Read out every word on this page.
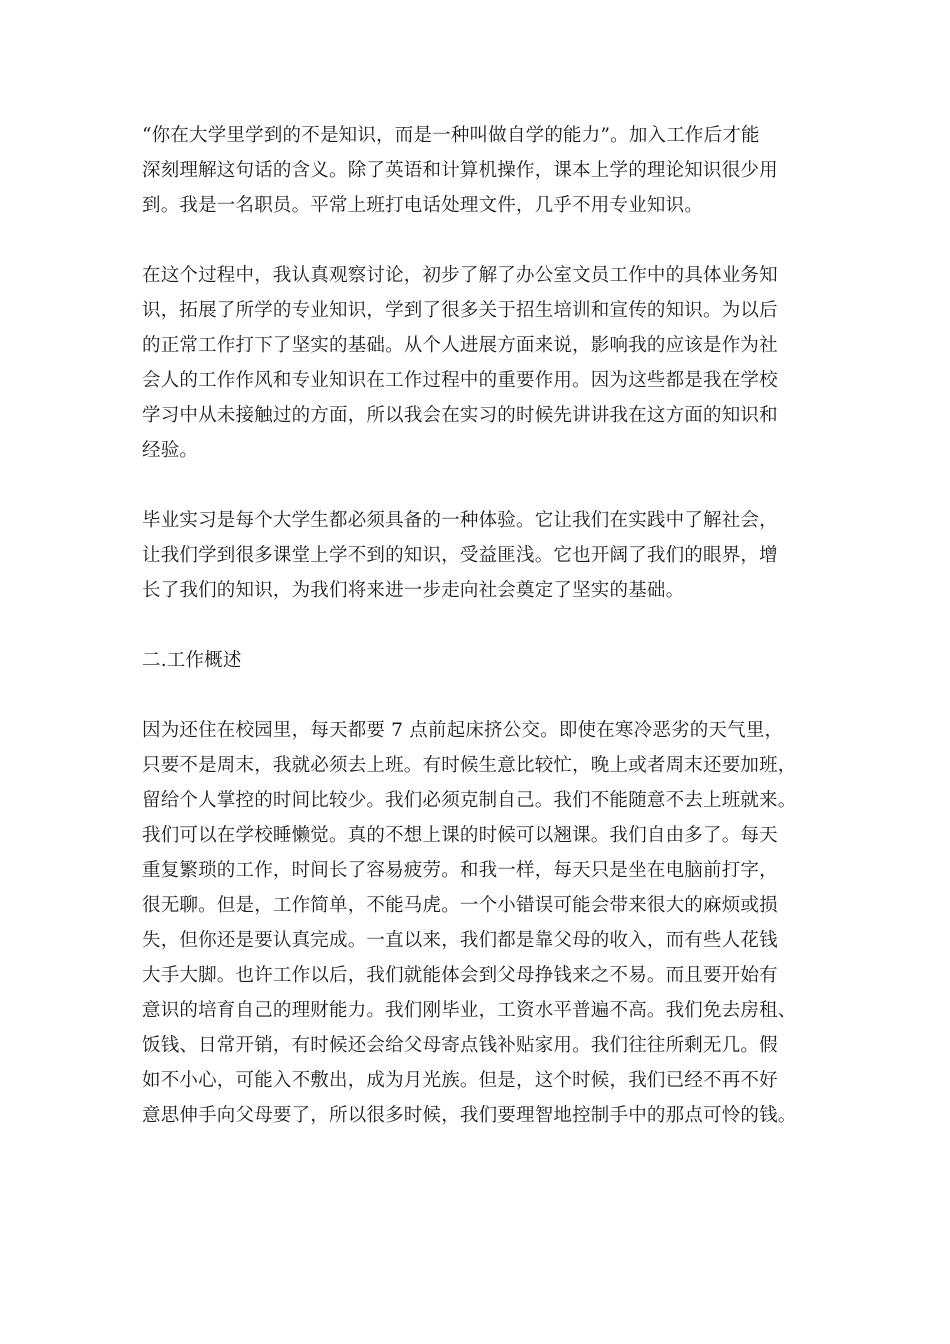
“你在大学里学到的不是知识，而是一种叫做自学的能力”。加入工作后才能
深刻理解这句话的含义。除了英语和计算机操作，课本上学的理论知识很少用
到。我是一名职员。平常上班打电话处理文件，几乎不用专业知识。

在这个过程中，我认真观察讨论，初步了解了办公室文员工作中的具体业务知
识，拓展了所学的专业知识，学到了很多关于招生培训和宣传的知识。为以后
的正常工作打下了坚实的基础。从个人进展方面来说，影响我的应该是作为社
会人的工作作风和专业知识在工作过程中的重要作用。因为这些都是我在学校
学习中从未接触过的方面，所以我会在实习的时候先讲讲我在这方面的知识和
经验。

毕业实习是每个大学生都必须具备的一种体验。它让我们在实践中了解社会，
让我们学到很多课堂上学不到的知识，受益匪浅。它也开阔了我们的眼界，增
长了我们的知识，为我们将来进一步走向社会奠定了坚实的基础。

二.工作概述

因为还住在校园里，每天都要 7 点前起床挤公交。即使在寒冷恶劣的天气里，
只要不是周末，我就必须去上班。有时候生意比较忙，晚上或者周末还要加班，
留给个人掌控的时间比较少。我们必须克制自己。我们不能随意不去上班就来。
我们可以在学校睡懒觉。真的不想上课的时候可以翘课。我们自由多了。每天
重复繁琐的工作，时间长了容易疲劳。和我一样，每天只是坐在电脑前打字，
很无聊。但是，工作简单，不能马虎。一个小错误可能会带来很大的麻烦或损
失，但你还是要认真完成。一直以来，我们都是靠父母的收入，而有些人花钱
大手大脚。也许工作以后，我们就能体会到父母挣钱来之不易。而且要开始有
意识的培育自己的理财能力。我们刚毕业，工资水平普遍不高。我们免去房租、
饭钱、日常开销，有时候还会给父母寄点钱补贴家用。我们往往所剩无几。假
如不小心，可能入不敷出，成为月光族。但是，这个时候，我们已经不再不好
意思伸手向父母要了，所以很多时候，我们要理智地控制手中的那点可怜的钱。
